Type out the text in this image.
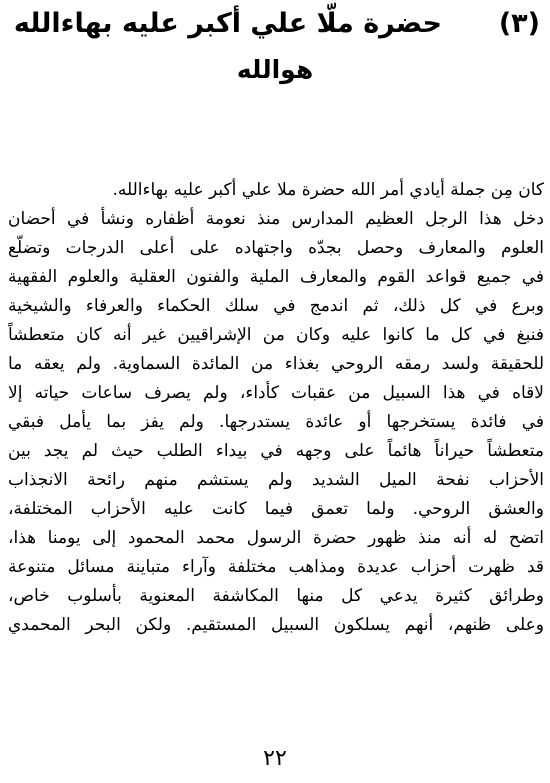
(٣)
حضرة ملّا علي أكبر عليه بهاءالله
هوالله
كان مِن جملة أيادي أمر الله حضرة ملا علي أكبر عليه بهاءالله.
دخل هذا الرجل العظيم المدارس منذ نعومة أظفاره ونشأ في أحضان
العلوم والمعارف وحصل بجدّه واجتهاده على أعلى الدرجات وتضلّع
في جميع قواعد القوم والمعارف الملية والفنون العقلية والعلوم الفقهية
وبرع في كل ذلك، ثم اندمج في سلك الحكماء والعرفاء والشيخية
فنبغ في كل ما كانوا عليه وكان من الإشراقيين غير أنه كان متعطشاً
للحقيقة ولسد رمقه الروحي بغذاء من المائدة السماوية. ولم يعقه ما
لاقاه في هذا السبيل من عقبات كأداء، ولم يصرف ساعات حياته إلا
في فائدة يستخرجها أو عائدة يستدرجها. ولم يفز بما يأمل فبقي
متعطشاً حيراناً هائماً على وجهه في بيداء الطلب حيث لم يجد بين
الأحزاب نفحة الميل الشديد ولم يستشم منهم رائحة الانجذاب
والعشق الروحي. ولما تعمق فيما كانت عليه الأحزاب المختلفة،
اتضح له أنه منذ ظهور حضرة الرسول محمد المحمود إلى يومنا هذا،
قد ظهرت أحزاب عديدة ومذاهب مختلفة وآراء متباينة مسائل متنوعة
وطرائق كثيرة يدعي كل منها المكاشفة المعنوية بأسلوب خاص،
وعلى ظنهم، أنهم يسلكون السبيل المستقيم. ولكن البحر المحمدي
٢٢
